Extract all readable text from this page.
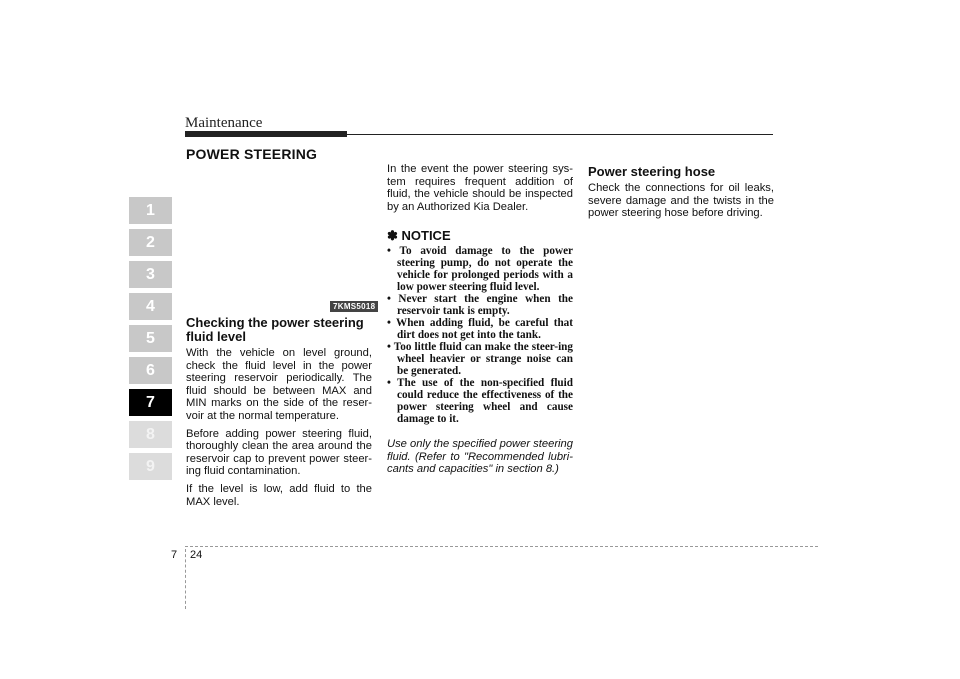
Maintenance
POWER STEERING
1
2
3
4
5
6
7
8
9
7KMS5018
Checking the power steering fluid level

With the vehicle on level ground, check the fluid level in the power steering reservoir periodically. The fluid should be between MAX and MIN marks on the side of the reser-voir at the normal temperature.

Before adding power steering fluid, thoroughly clean the area around the reservoir cap to prevent power steer-ing fluid contamination.

If the level is low, add fluid to the MAX level.

In the event the power steering sys-tem requires frequent addition of fluid, the vehicle should be inspected by an Authorized Kia Dealer.

✽ NOTICE
• To avoid damage to the power steering pump, do not operate the vehicle for prolonged periods with a low power steering fluid level.
• Never start the engine when the reservoir tank is empty.
• When adding fluid, be careful that dirt does not get into the tank.
• Too little fluid can make the steer-ing wheel heavier or strange noise can be generated.
• The use of the non-specified fluid could reduce the effectiveness of the power steering wheel and cause damage to it.

Use only the specified power steering fluid. (Refer to "Recommended lubri-cants and capacities" in section 8.)

Power steering hose

Check the connections for oil leaks, severe damage and the twists in the power steering hose before driving.

7 24
